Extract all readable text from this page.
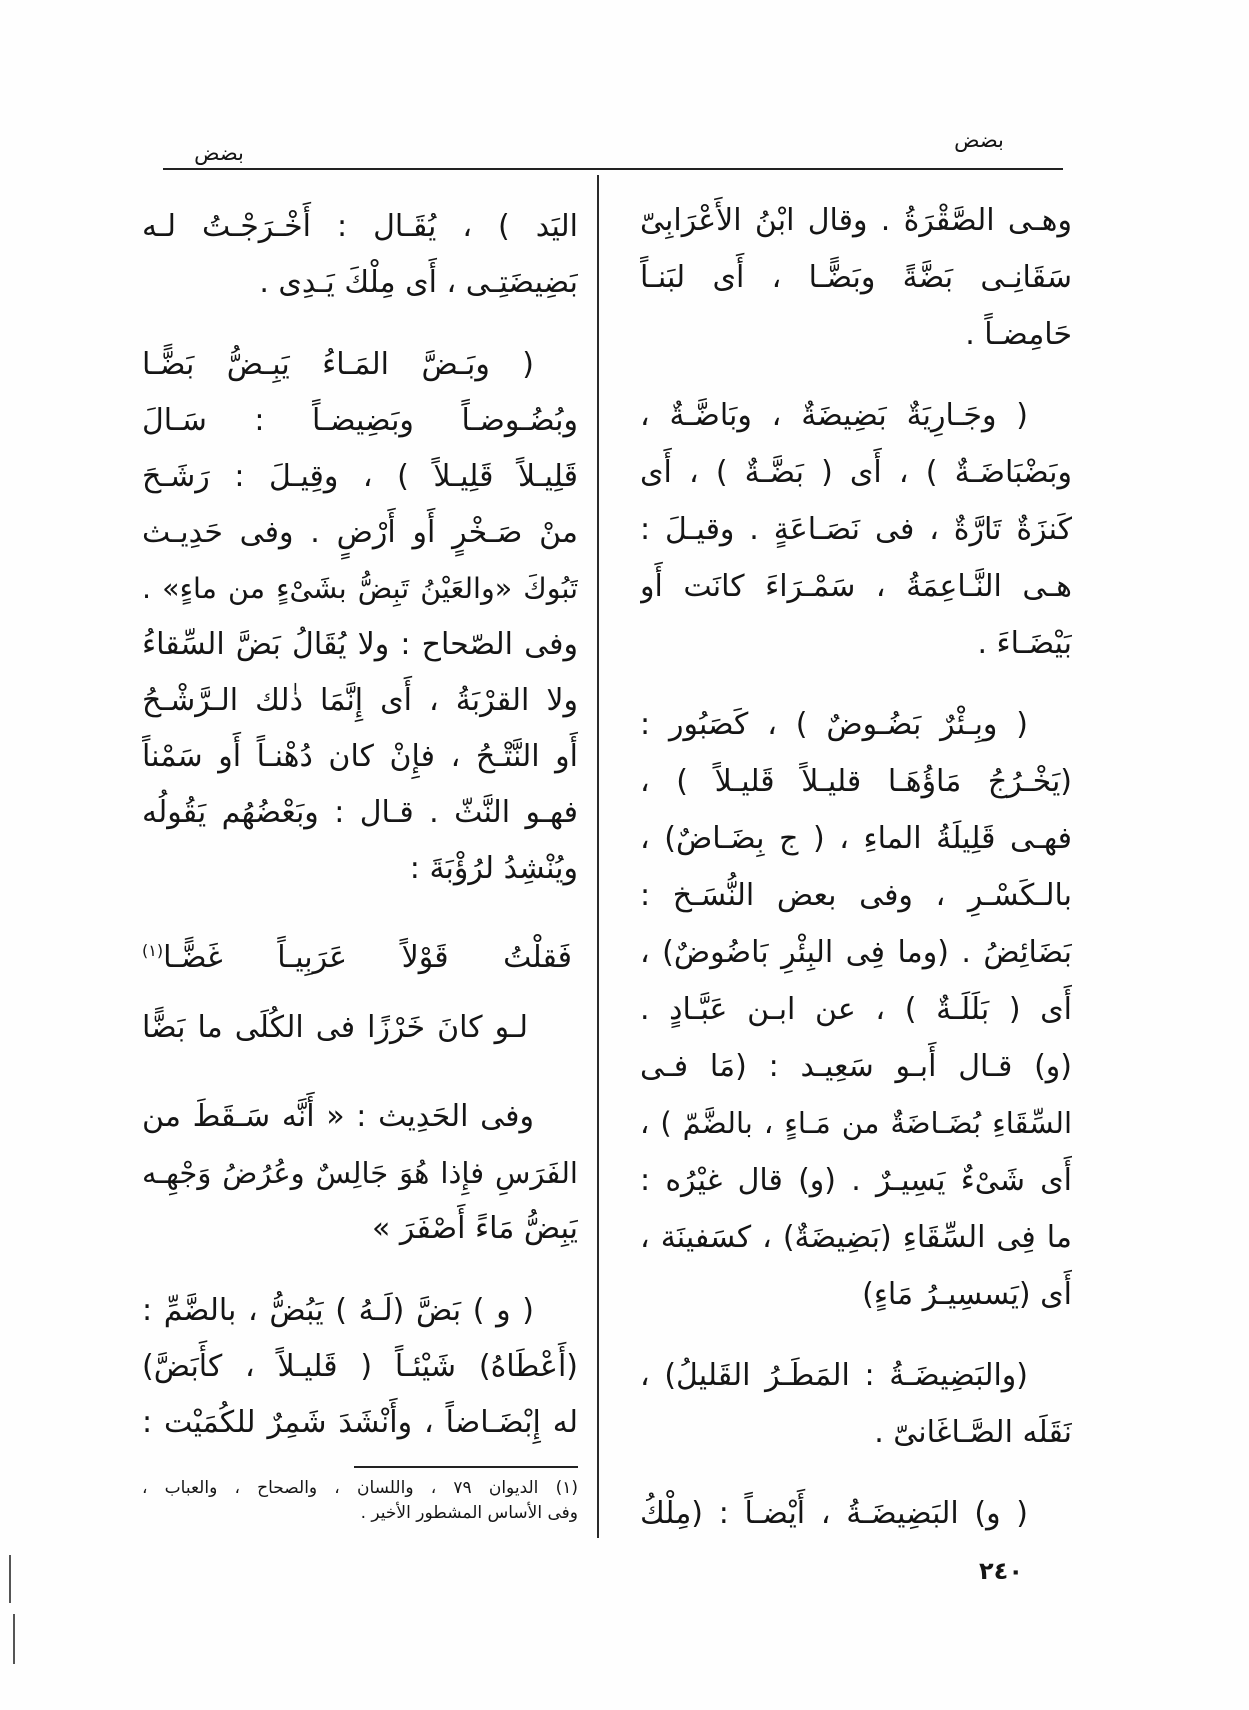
بضض
بضض
وهـى الصَّقْرَةُ . وقال ابْنُ الأَعْرَابِىّ
سَقَانِـى بَضَّةً وبَضًّـا ، أَى لبَنـاً
حَامِضـاً .
( وجَـارِيَةٌ بَضِيضَةٌ ، وبَاضَّـةٌ ،
وبَضْبَاضَـةٌ ) ، أَى ( بَضَّـةٌ ) ، أَى
كَنزَةٌ تَارَّةٌ ، فى نَصَـاعَةٍ . وقيـلَ :
هـى النَّـاعِمَةُ ، سَمْـرَاءَ كانَت أَو
بَيْضَـاءَ .
( وبِـئْرٌ بَضُـوضٌ ) ، كَصَبُور :
(يَخْـرُجُ مَاؤُهَـا قليـلاً قَليـلاً ) ،
فهـى قَلِيلَةُ الماءِ ، ( ج بِضَـاضٌ) ،
بالـكَسْـرِ ، وفى بعض النُّسَـخ :
بَضَائِضُ . (وما فِى البِئْرِ بَاضُوضٌ) ،
أَى ( بَلَلَـةٌ ) ، عن ابـن عَبَّـادٍ .
(و) قـال أَبـو سَعِيـد : (مَا فـى
السِّقَاءِ بُضَـاضَةٌ من مَـاءٍ ، بالضَّمّ ) ،
أَى شَىْءٌ يَسِيـرٌ . (و) قال غيْرُه :
ما فِى السِّقَاءِ (بَضِيضَةٌ) ، كسَفينَة ،
أَى (يَسسِيـرُ مَاءٍ)
(والبَضِيضَـةُ : المَطَـرُ القَليلُ) ،
نَقَلَه الصَّـاغَانىّ .
( و) البَضِيضَـةُ ، أَيْضـاً : (مِلْكُ
اليَد ) ، يُقَـال : أَخْـرَجْـتُ لـه
بَضِيضَتِـى ، أَى مِلْكَ يَـدِى .
( وبَـضَّ المَـاءُ يَبِـضُّ بَضًّـا
وبُضُـوضـاً وبَضِيضـاً : سَـالَ
قَلِيـلاً قَلِيـلاً ) ، وقِيـلَ : رَشَـحَ
منْ صَـخْرٍ أَو أَرْضٍ . وفى حَدِيـث
تَبُوكَ «والعَيْنُ تَبِضُّ بشَىْءٍ من ماءٍ» .
وفى الصّحاح : ولا يُقَالُ بَضَّ السِّقاءُ
ولا القرْبَةُ ، أَى إِنَّمَا ذٰلك الـرَّشْـحُ
أَو النَّتْـحُ ، فإِنْ كان دُهْنـاً أَو سَمْناً
فهـو النَّثّ . قـال : وبَعْضُهُم يَقُولُه
ويُنْشِدُ لرُؤْبَةَ :
فَقلْتُ قَوْلاً عَرَبِيـاً غَضًّـا$^{(١)}$
لـو كانَ خَرْزًا فى الكُلَى ما بَضًّا
وفى الحَدِيث : « أَنَّه سَـقَطَ من
الفَرَسِ فإِذا هُوَ جَالِسٌ وعُرُضُ وَجْهِـه
يَبِضُّ مَاءً أَصْفَرَ »
( و ) بَضَّ (لَـهُ ) يَبُضُّ ، بالضَّمِّ :
(أَعْطَاهُ) شَيْئـاً ( قَليـلاً ، كأَبَضَّ)
له إِبْضَـاضاً ، وأَنْشَدَ شَمِرٌ للكُمَيْت :
(١) الديوان ٧٩ ، واللسان ، والصحاح ، والعباب ،
وفى الأساس المشطور الأخير .
٢٤٠
